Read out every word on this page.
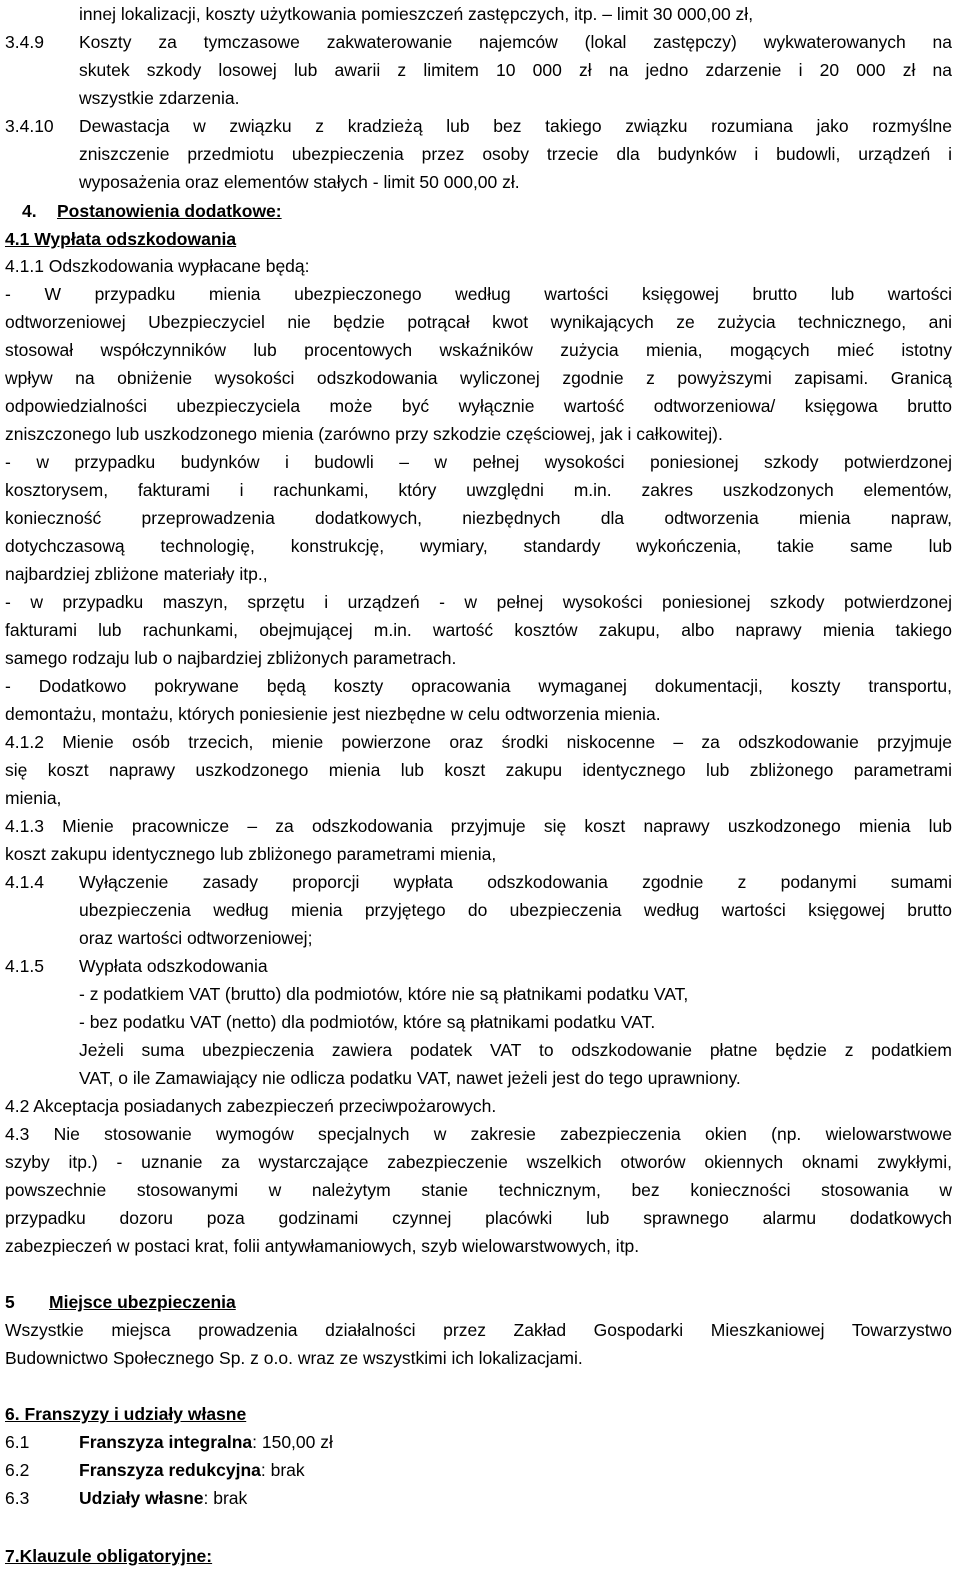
innej lokalizacji, koszty użytkowania pomieszczeń zastępczych, itp. – limit 30 000,00 zł,
3.4.9 Koszty za tymczasowe zakwaterowanie najemców (lokal zastępczy) wykwaterowanych na
skutek szkody losowej lub awarii z limitem 10 000 zł na jedno zdarzenie i 20 000 zł na
wszystkie zdarzenia.
3.4.10 Dewastacja w związku z kradzieżą lub bez takiego związku rozumiana jako rozmyślne
zniszczenie przedmiotu ubezpieczenia przez osoby trzecie dla budynków i budowli, urządzeń i
wyposażenia oraz elementów stałych - limit 50 000,00 zł.
4. Postanowienia dodatkowe:
4.1 Wypłata odszkodowania
4.1.1 Odszkodowania wypłacane będą:
- W przypadku mienia ubezpieczonego według wartości księgowej brutto lub wartości
odtworzeniowej Ubezpieczyciel nie będzie potrącał kwot wynikających ze zużycia technicznego, ani
stosował współczynników lub procentowych wskaźników zużycia mienia, mogących mieć istotny
wpływ na obniżenie wysokości odszkodowania wyliczonej zgodnie z powyższymi zapisami. Granicą
odpowiedzialności ubezpieczyciela może być wyłącznie wartość odtworzeniowa/ księgowa brutto
zniszczonego lub uszkodzonego mienia (zarówno przy szkodzie częściowej, jak i całkowitej).
- w przypadku budynków i budowli – w pełnej wysokości poniesionej szkody potwierdzonej
kosztorysem, fakturami i rachunkami, który uwzględni m.in. zakres uszkodzonych elementów,
konieczność przeprowadzenia dodatkowych, niezbędnych dla odtworzenia mienia napraw,
dotychczasową technologię, konstrukcję, wymiary, standardy wykończenia, takie same lub
najbardziej zbliżone materiały itp.,
- w przypadku maszyn, sprzętu i urządzeń - w pełnej wysokości poniesionej szkody potwierdzonej
fakturami lub rachunkami, obejmującej m.in. wartość kosztów zakupu, albo naprawy mienia takiego
samego rodzaju lub o najbardziej zbliżonych parametrach.
- Dodatkowo pokrywane będą koszty opracowania wymaganej dokumentacji, koszty transportu,
demontażu, montażu, których poniesienie jest niezbędne w celu odtworzenia mienia.
4.1.2 Mienie osób trzecich, mienie powierzone oraz środki niskocenne – za odszkodowanie przyjmuje
się koszt naprawy uszkodzonego mienia lub koszt zakupu identycznego lub zbliżonego parametrami
mienia,
4.1.3 Mienie pracownicze – za odszkodowania przyjmuje się koszt naprawy uszkodzonego mienia lub
koszt zakupu identycznego lub zbliżonego parametrami mienia,
4.1.4 Wyłączenie zasady proporcji wypłata odszkodowania zgodnie z podanymi sumami
ubezpieczenia według mienia przyjętego do ubezpieczenia według wartości księgowej brutto
oraz wartości odtworzeniowej;
4.1.5 Wypłata odszkodowania
- z podatkiem VAT (brutto) dla podmiotów, które nie są płatnikami podatku VAT,
- bez podatku VAT (netto) dla podmiotów, które są płatnikami podatku VAT.
Jeżeli suma ubezpieczenia zawiera podatek VAT to odszkodowanie płatne będzie z podatkiem
VAT, o ile Zamawiający nie odlicza podatku VAT, nawet jeżeli jest do tego uprawniony.
4.2 Akceptacja posiadanych zabezpieczeń przeciwpożarowych.
4.3 Nie stosowanie wymogów specjalnych w zakresie zabezpieczenia okien (np. wielowarstwowe
szyby itp.) - uznanie za wystarczające zabezpieczenie wszelkich otworów okiennych oknami zwykłymi,
powszechnie stosowanymi w należytym stanie technicznym, bez konieczności stosowania w
przypadku dozoru poza godzinami czynnej placówki lub sprawnego alarmu dodatkowych
zabezpieczeń w postaci krat, folii antywłamaniowych, szyb wielowarstwowych, itp.
5 Miejsce ubezpieczenia
Wszystkie miejsca prowadzenia działalności przez Zakład Gospodarki Mieszkaniowej Towarzystwo
Budownictwo Społecznego Sp. z o.o. wraz ze wszystkimi ich lokalizacjami.
6. Franszyzy i udziały własne
6.1	Franszyza integralna: 150,00 zł
6.2	Franszyza redukcyjna: brak
6.3	Udziały własne: brak
7.Klauzule obligatoryjne:
